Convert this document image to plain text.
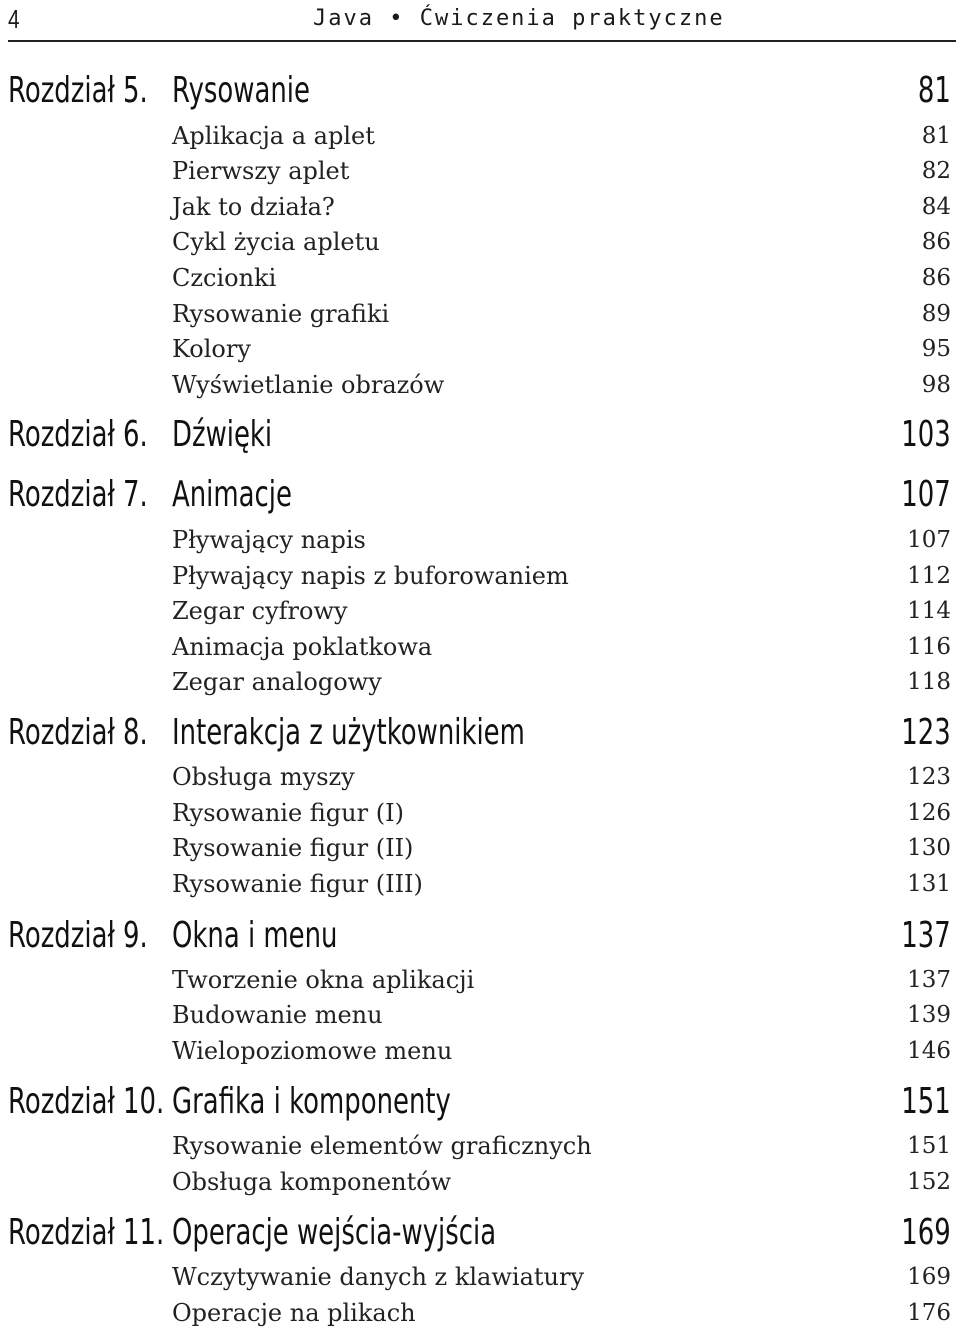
4	Java • Ćwiczenia praktyczne
Rozdział 5. Rysowanie	81
Aplikacja a aplet	81
Pierwszy aplet	82
Jak to działa?	84
Cykl życia apletu	86
Czcionki	86
Rysowanie grafiki	89
Kolory	95
Wyświetlanie obrazów	98
Rozdział 6. Dźwięki	103
Rozdział 7. Animacje	107
Pływający napis	107
Pływający napis z buforowaniem	112
Zegar cyfrowy	114
Animacja poklatkowa	116
Zegar analogowy	118
Rozdział 8. Interakcja z użytkownikiem	123
Obsługa myszy	123
Rysowanie figur (I)	126
Rysowanie figur (II)	130
Rysowanie figur (III)	131
Rozdział 9. Okna i menu	137
Tworzenie okna aplikacji	137
Budowanie menu	139
Wielopoziomowe menu	146
Rozdział 10. Grafika i komponenty	151
Rysowanie elementów graficznych	151
Obsługa komponentów	152
Rozdział 11. Operacje wejścia-wyjścia	169
Wczytywanie danych z klawiatury	169
Operacje na plikach	176
